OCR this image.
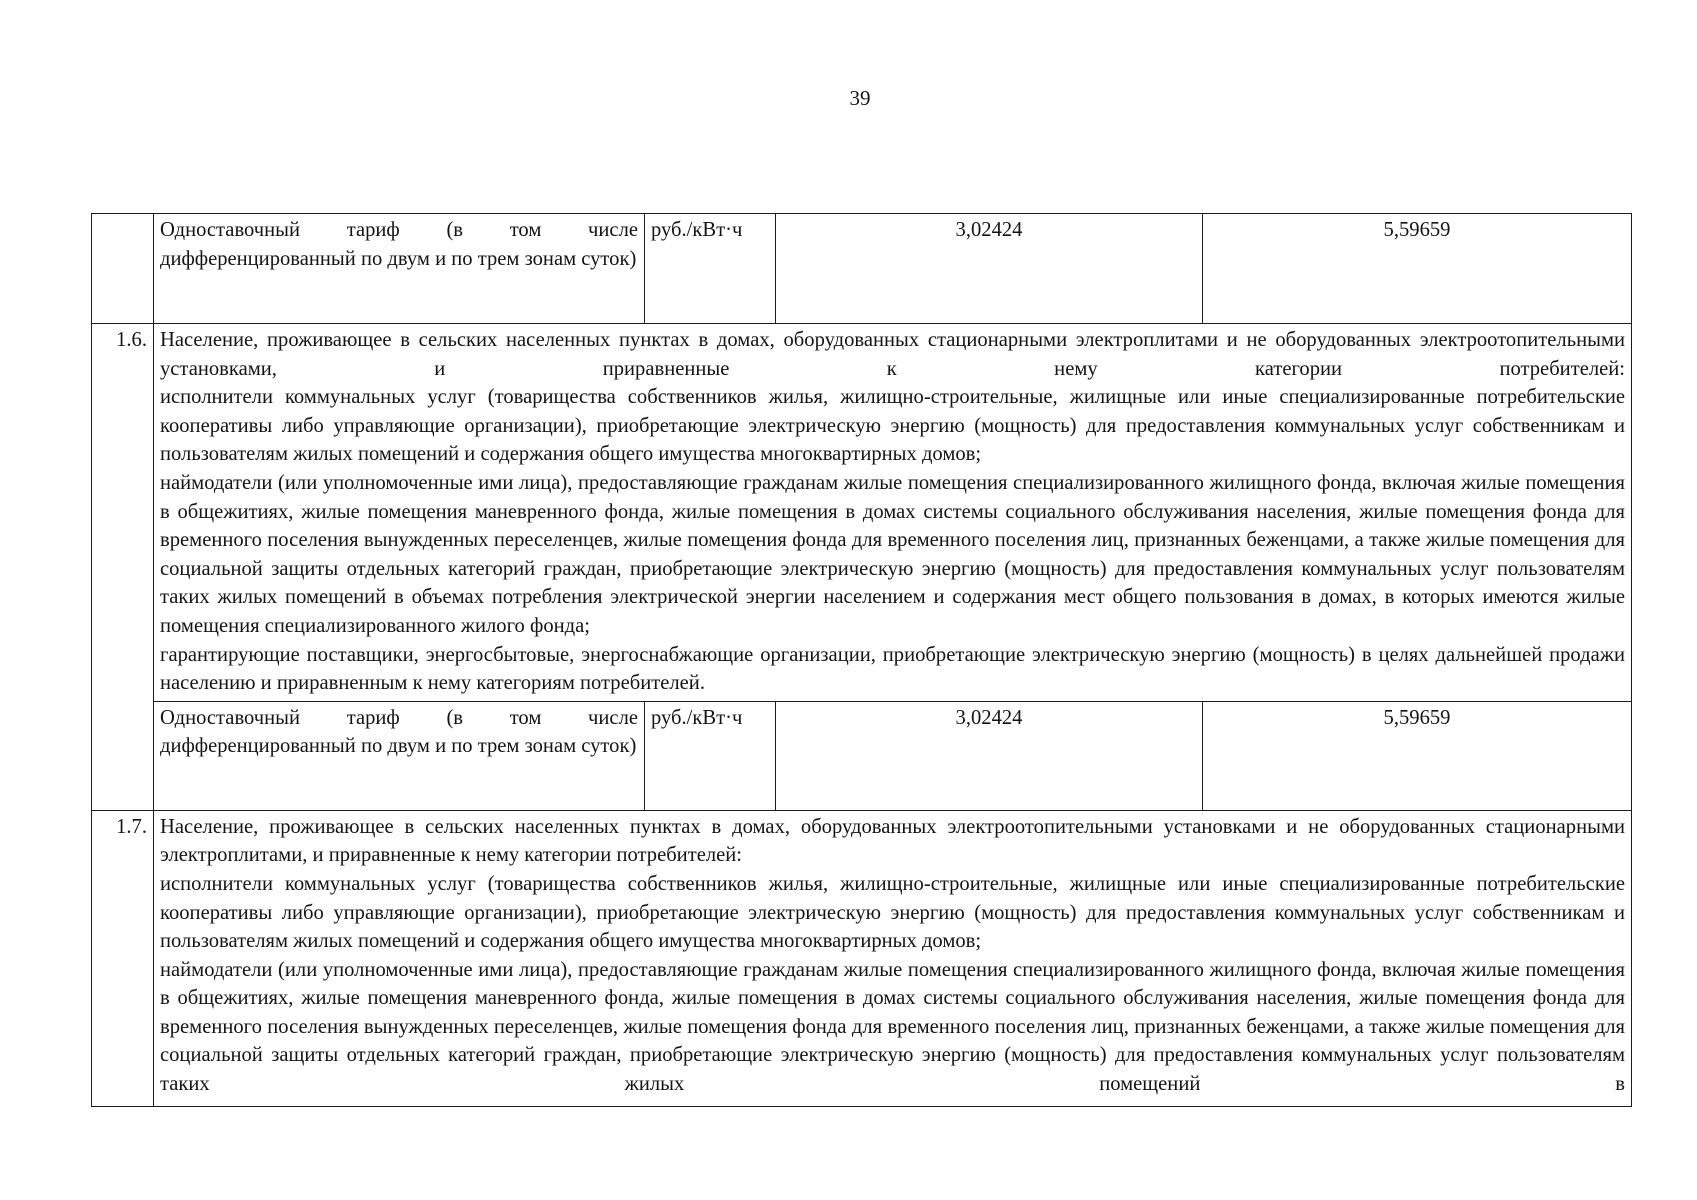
39
	Одноставочный тариф (в том числе дифференцированный по двум и по трем зонам суток)	руб./кВт·ч	3,02424	5,59659
1.6.	Население, проживающее в сельских населенных пунктах в домах, оборудованных стационарными электроплитами и не оборудованных электроотопительными установками, и приравненные к нему категории потребителей:

исполнители коммунальных услуг (товарищества собственников жилья, жилищно-строительные, жилищные или иные специализированные потребительские кооперативы либо управляющие организации), приобретающие электрическую энергию (мощность) для предоставления коммунальных услуг собственникам и пользователям жилых помещений и содержания общего имущества многоквартирных домов;

наймодатели (или уполномоченные ими лица), предоставляющие гражданам жилые помещения специализированного жилищного фонда, включая жилые помещения в общежитиях, жилые помещения маневренного фонда, жилые помещения в домах системы социального обслуживания населения, жилые помещения фонда для временного поселения вынужденных переселенцев, жилые помещения фонда для временного поселения лиц, признанных беженцами, а также жилые помещения для социальной защиты отдельных категорий граждан, приобретающие электрическую энергию (мощность) для предоставления коммунальных услуг пользователям таких жилых помещений в объемах потребления электрической энергии населением и содержания мест общего пользования в домах, в которых имеются жилые помещения специализированного жилого фонда;

гарантирующие поставщики, энергосбытовые, энергоснабжающие организации, приобретающие электрическую энергию (мощность) в целях дальнейшей продажи населению и приравненным к нему категориям потребителей.			

	Одноставочный тариф (в том числе дифференцированный по двум и по трем зонам суток)	руб./кВт·ч	3,02424	5,59659
1.7.	Население, проживающее в сельских населенных пунктах в домах, оборудованных электроотопительными установками и не оборудованных стационарными электроплитами, и приравненные к нему категории потребителей:

исполнители коммунальных услуг (товарищества собственников жилья, жилищно-строительные, жилищные или иные специализированные потребительские кооперативы либо управляющие организации), приобретающие электрическую энергию (мощность) для предоставления коммунальных услуг собственникам и пользователям жилых помещений и содержания общего имущества многоквартирных домов;

наймодатели (или уполномоченные ими лица), предоставляющие гражданам жилые помещения специализированного жилищного фонда, включая жилые помещения в общежитиях, жилые помещения маневренного фонда, жилые помещения в домах системы социального обслуживания населения, жилые помещения фонда для временного поселения вынужденных переселенцев, жилые помещения фонда для временного поселения лиц, признанных беженцами, а также жилые помещения для социальной защиты отдельных категорий граждан, приобретающие электрическую энергию (мощность) для предоставления коммунальных услуг пользователям таких жилых помещений в			
